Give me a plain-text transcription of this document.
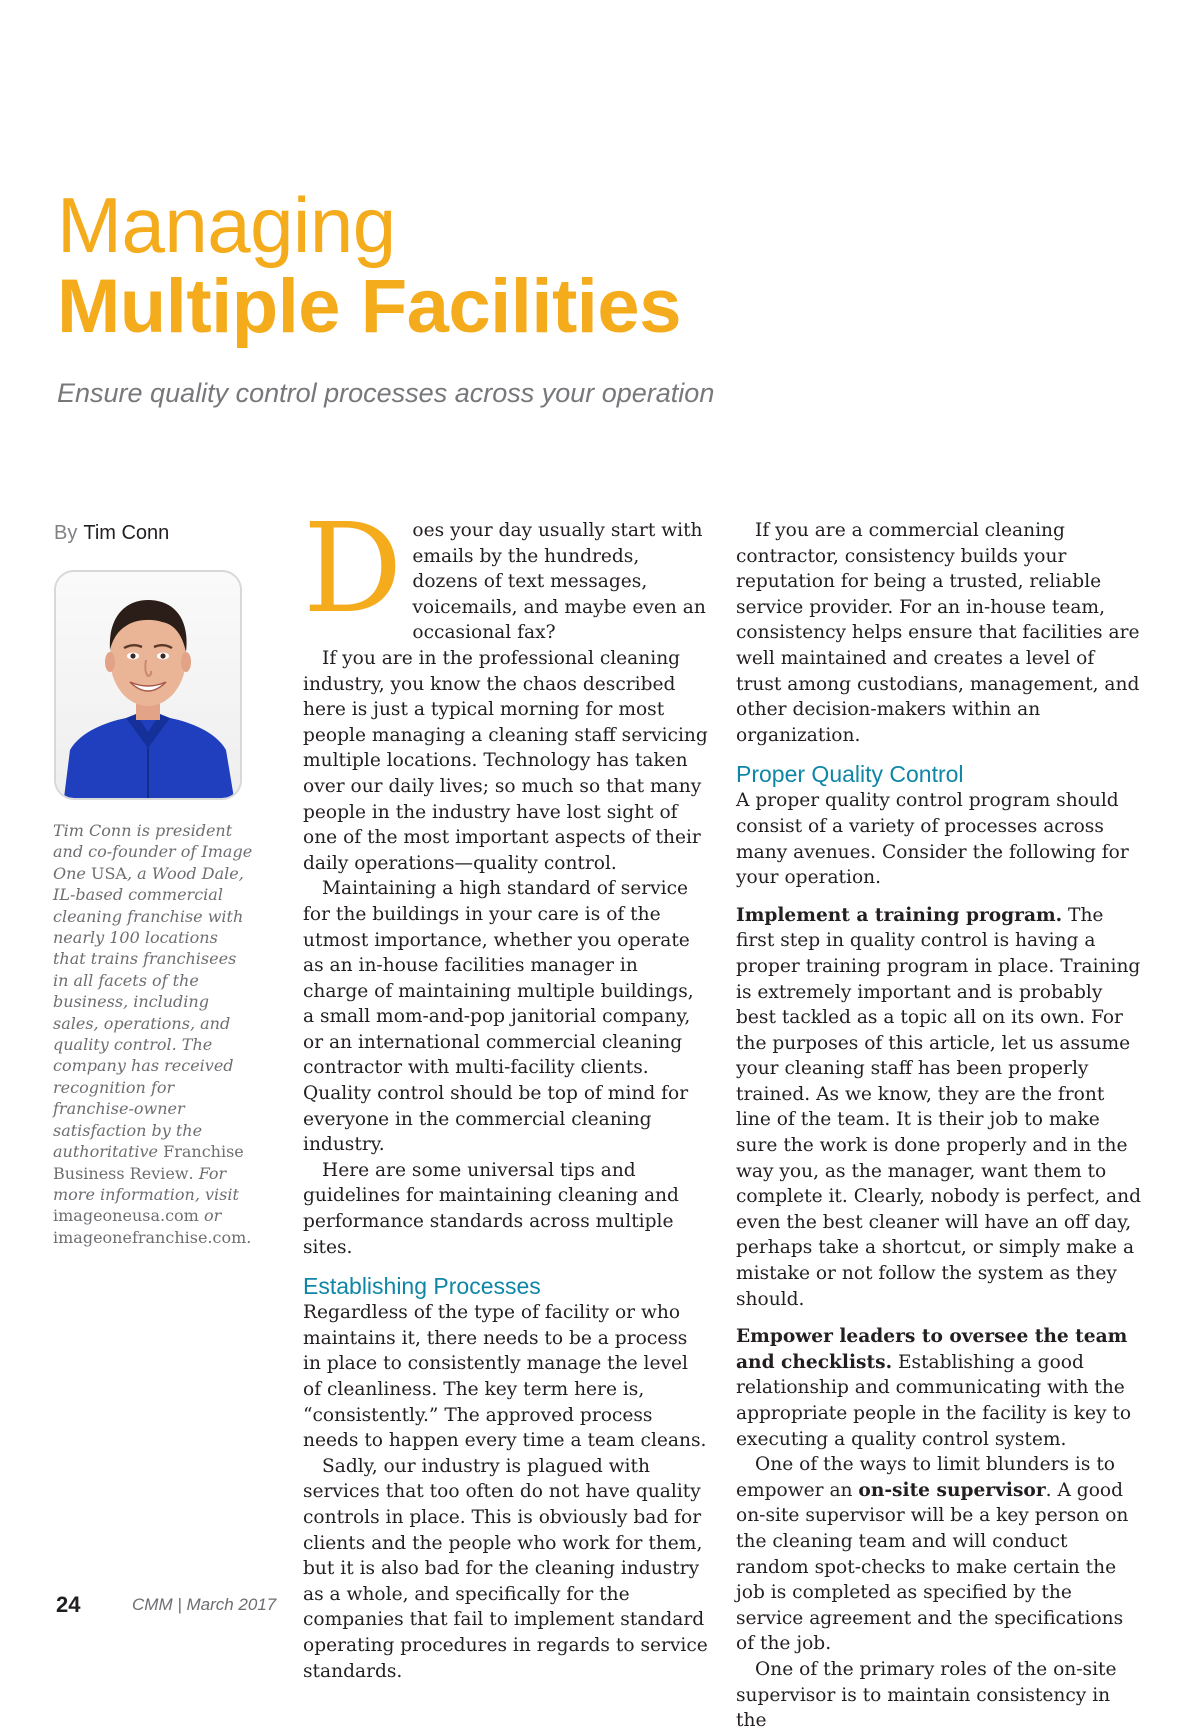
Managing
Multiple Facilities
Ensure quality control processes across your operation
By Tim Conn
Tim Conn is president and co-founder of Image One USA, a Wood Dale, IL-based commercial cleaning franchise with nearly 100 locations that trains franchisees in all facets of the business, including sales, operations, and quality control. The company has received recognition for franchise-owner satisfaction by the authoritative Franchise Business Review. For more information, visit imageoneusa.com or imageonefranchise.com.

Does your day usually start with emails by the hundreds, dozens of text messages, voicemails, and maybe even an occasional fax?

If you are in the professional cleaning industry, you know the chaos described here is just a typical morning for most people managing a cleaning staff servicing multiple locations. Technology has taken over our daily lives; so much so that many people in the industry have lost sight of one of the most important aspects of their daily operations—quality control.

Maintaining a high standard of service for the buildings in your care is of the utmost importance, whether you operate as an in-house facilities manager in charge of maintaining multiple buildings, a small mom-and-pop janitorial company, or an international commercial cleaning contractor with multi-facility clients. Quality control should be top of mind for everyone in the commercial cleaning industry.

Here are some universal tips and guidelines for maintaining cleaning and performance standards across multiple sites.

Establishing Processes

Regardless of the type of facility or who maintains it, there needs to be a process in place to consistently manage the level of cleanliness. The key term here is, “consistently.” The approved process needs to happen every time a team cleans.

Sadly, our industry is plagued with services that too often do not have quality controls in place. This is obviously bad for clients and the people who work for them, but it is also bad for the cleaning industry as a whole, and specifically for the companies that fail to implement standard operating procedures in regards to service standards.

If you are a commercial cleaning contractor, consistency builds your reputation for being a trusted, reliable service provider. For an in-house team, consistency helps ensure that facilities are well maintained and creates a level of trust among custodians, management, and other decision-makers within an organization.

Proper Quality Control

A proper quality control program should consist of a variety of processes across many avenues. Consider the following for your operation.

Implement a training program. The first step in quality control is having a proper training program in place. Training is extremely important and is probably best tackled as a topic all on its own. For the purposes of this article, let us assume your cleaning staff has been properly trained. As we know, they are the front line of the team. It is their job to make sure the work is done properly and in the way you, as the manager, want them to complete it. Clearly, nobody is perfect, and even the best cleaner will have an off day, perhaps take a shortcut, or simply make a mistake or not follow the system as they should.

Empower leaders to oversee the team and checklists. Establishing a good relationship and communicating with the appropriate people in the facility is key to executing a quality control system.

One of the ways to limit blunders is to empower an on-site supervisor. A good on-site supervisor will be a key person on the cleaning team and will conduct random spot-checks to make certain the job is completed as specified by the service agreement and the specifications of the job.

One of the primary roles of the on-site supervisor is to maintain consistency in the

24	CMM | March 2017
